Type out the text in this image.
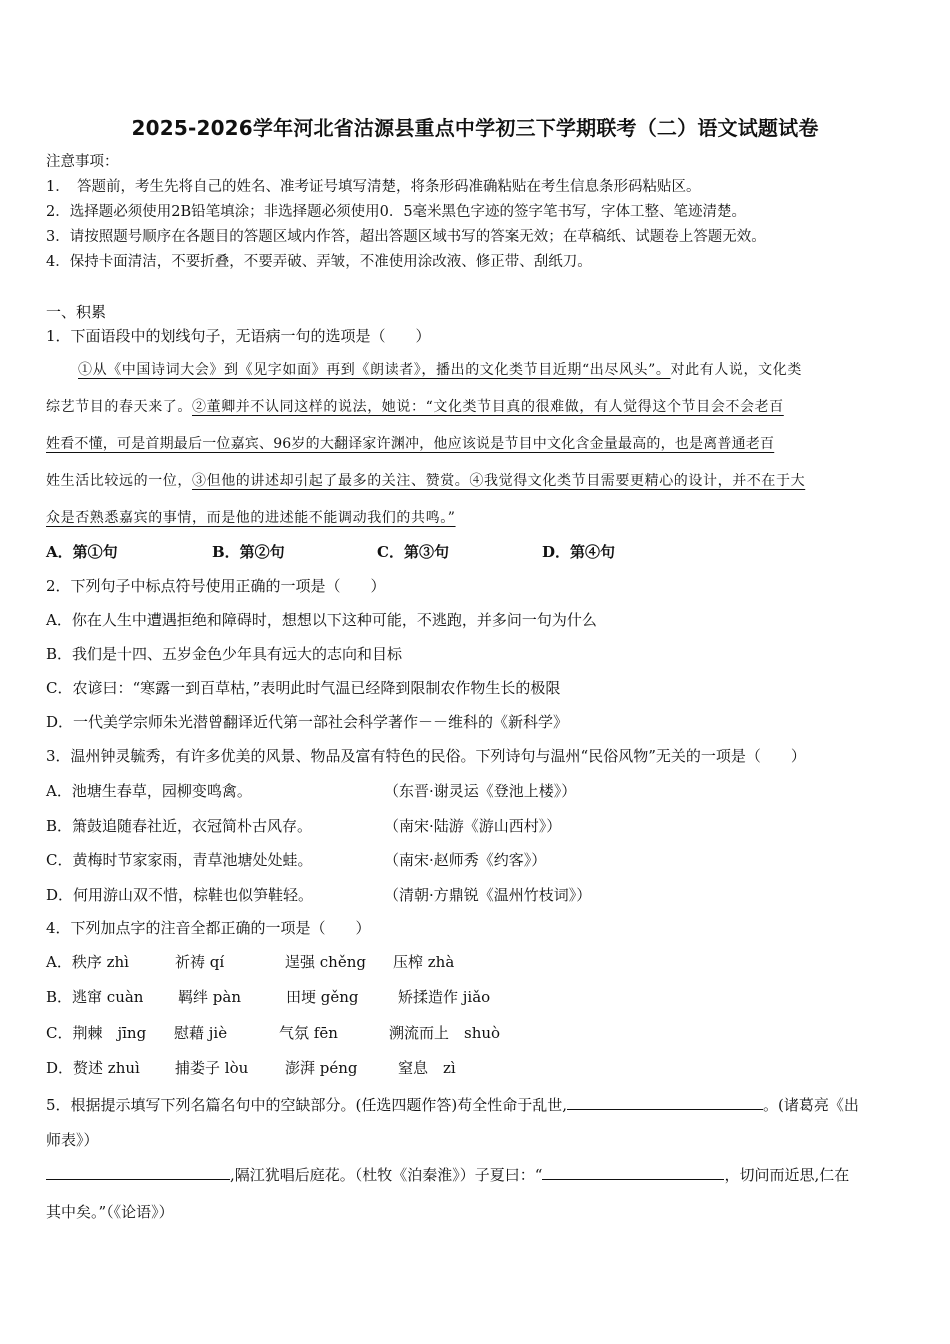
2025-2026学年河北省沽源县重点中学初三下学期联考（二）语文试题试卷
注意事项：
1．　答题前，考生先将自己的姓名、准考证号填写清楚，将条形码准确粘贴在考生信息条形码粘贴区。
2．选择题必须使用2B铅笔填涂；非选择题必须使用0．5毫米黑色字迹的签字笔书写，字体工整、笔迹清楚。
3．请按照题号顺序在各题目的答题区域内作答，超出答题区域书写的答案无效；在草稿纸、试题卷上答题无效。
4．保持卡面清洁，不要折叠，不要弄破、弄皱，不准使用涂改液、修正带、刮纸刀。
一、积累
1．下面语段中的划线句子，无语病一句的选项是（　　）
①从《中国诗词大会》到《见字如面》再到《朗读者》，播出的文化类节目近期“出尽风头”。对此有人说，文化类
综艺节目的春天来了。②董卿并不认同这样的说法，她说：“文化类节目真的很难做，有人觉得这个节目会不会老百
姓看不懂，可是首期最后一位嘉宾、96岁的大翻译家许渊冲，他应该说是节目中文化含金量最高的，也是离普通老百
姓生活比较远的一位，③但他的讲述却引起了最多的关注、赞赏。④我觉得文化类节目需要更精心的设计，并不在于大
众是否熟悉嘉宾的事情，而是他的进述能不能调动我们的共鸣。”
A．第①句	B．第②句	C．第③句	D．第④句
2．下列句子中标点符号使用正确的一项是（　　）
A．你在人生中遭遇拒绝和障碍时，想想以下这种可能，不逃跑，并多问一句为什么
B．我们是十四、五岁金色少年具有远大的志向和目标
C．农谚曰：“寒露一到百草枯，”表明此时气温已经降到限制农作物生长的极限
D．一代美学宗师朱光潜曾翻译近代第一部社会科学著作－－维科的《新科学》
3．温州钟灵毓秀，有许多优美的风景、物品及富有特色的民俗。下列诗句与温州“民俗风物”无关的一项是（　　）
A．池塘生春草，园柳变鸣禽。	（东晋·谢灵运《登池上楼》）
B．箫鼓追随春社近，衣冠简朴古风存。	（南宋·陆游《游山西村》）
C．黄梅时节家家雨，青草池塘处处蛙。	（南宋·赵师秀《约客》）
D．何用游山双不惜，棕鞋也似笋鞋轻。	（清朝·方鼎锐《温州竹枝词》）
4．下列加点字的注音全都正确的一项是（　　）
A．秩序 zhì	祈祷 qí	逞强 chěng 压榨 zhà
B．逃窜 cuàn 羁绊 pàn	田埂 gěng	矫揉造作 jiǎo
C．荆棘　jīng 慰藉 jiè	气氛 fēn	溯流而上　shuò
D．赘述 zhuì 捕娄子 lòu 澎湃 péng	窒息　zì
5．根据提示填写下列名篇名句中的空缺部分。(任选四题作答)苟全性命于乱世,	。(诸葛亮《出
师表》）
,隔江犹唱后庭花。（杜牧《泊秦淮》）子夏曰：“	，切问而近思,仁在
其中矣。”（《论语》）
